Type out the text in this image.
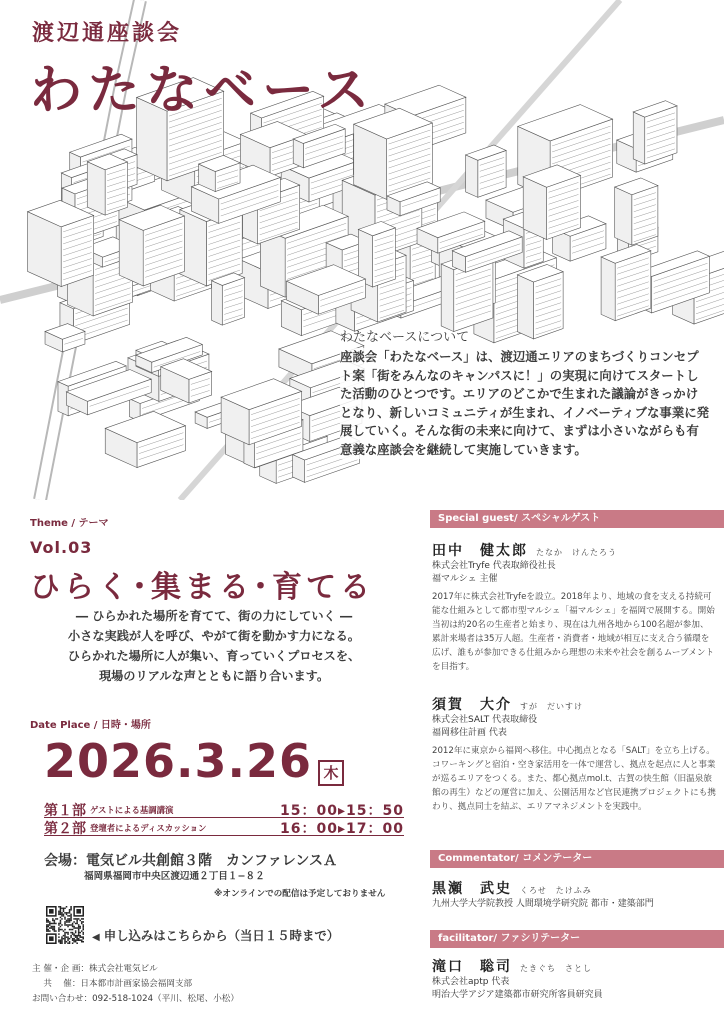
渡辺通座談会
わたなベース
わたなベースについて
座談会「わたなベース」は、渡辺通エリアのまちづくりコンセプト案「街をみんなのキャンパスに！」の実現に向けてスタートした活動のひとつです。エリアのどこかで生まれた議論がきっかけとなり、新しいコミュニティが生まれ、イノベーティブな事業に発展していく。そんな街の未来に向けて、まずは小さいながらも有意義な座談会を継続して実施していきます。
Theme / テーマ
Vol.03
ひらく･集まる･育てる
― ひらかれた場所を育てて、街の力にしていく ―
小さな実践が人を呼び、やがて街を動かす力になる。
ひらかれた場所に人が集い、育っていくプロセスを、
現場のリアルな声とともに語り合います。
Date Place / 日時・場所
2026.3.26 木
第１部 ゲストによる基調講演	15：00▸15：50
第２部 登壇者によるディスカッション	16：00▸17：00
会場：電気ビル共創館３階　カンファレンスＡ
福岡県福岡市中央区渡辺通２丁目１−８２
※オンラインでの配信は予定しておりません
◀ 申し込みはこちらから（当日１５時まで）
主 催・企 画：株式会社電気ビル
　 共　 催：日本都市計画家協会福岡支部
お問い合わせ：092-518-1024（平川、松尾、小松）
Special guest/ スペシャルゲスト
田中　健太郎 たなか　けんたろう
株式会社Tryfe 代表取締役社長
福マルシェ 主催
2017年に株式会社Tryfeを設立。2018年より、地域の食を支える持続可能な仕組みとして都市型マルシェ「福マルシェ」を福岡で展開する。開始当初は約20名の生産者と始まり、現在は九州各地から100名超が参加、累計来場者は35万人超。生産者・消費者・地域が相互に支え合う循環を広げ、誰もが参加できる仕組みから理想の未来や社会を創るムーブメントを目指す。
須賀　大介 すが　だいすけ
株式会社SALT 代表取締役
福岡移住計画 代表
2012年に東京から福岡へ移住。中心拠点となる「SALT」を立ち上げる。コワーキングと宿泊・空き家活用を一体で運営し、拠点を起点に人と事業が巡るエリアをつくる。また、都心拠点mol.t、古賀の快生館（旧温泉旅館の再生）などの運営に加え、公園活用など官民連携プロジェクトにも携わり、拠点同士を結ぶ、エリアマネジメントを実践中。
Commentator/ コメンテーター
黒瀬　武史 くろせ　たけふみ
九州大学大学院教授 人間環境学研究院 都市・建築部門
facilitator/ ファシリテーター
滝口　聡司 たきぐち　さとし
株式会社aptp 代表
明治大学アジア建築都市研究所客員研究員
